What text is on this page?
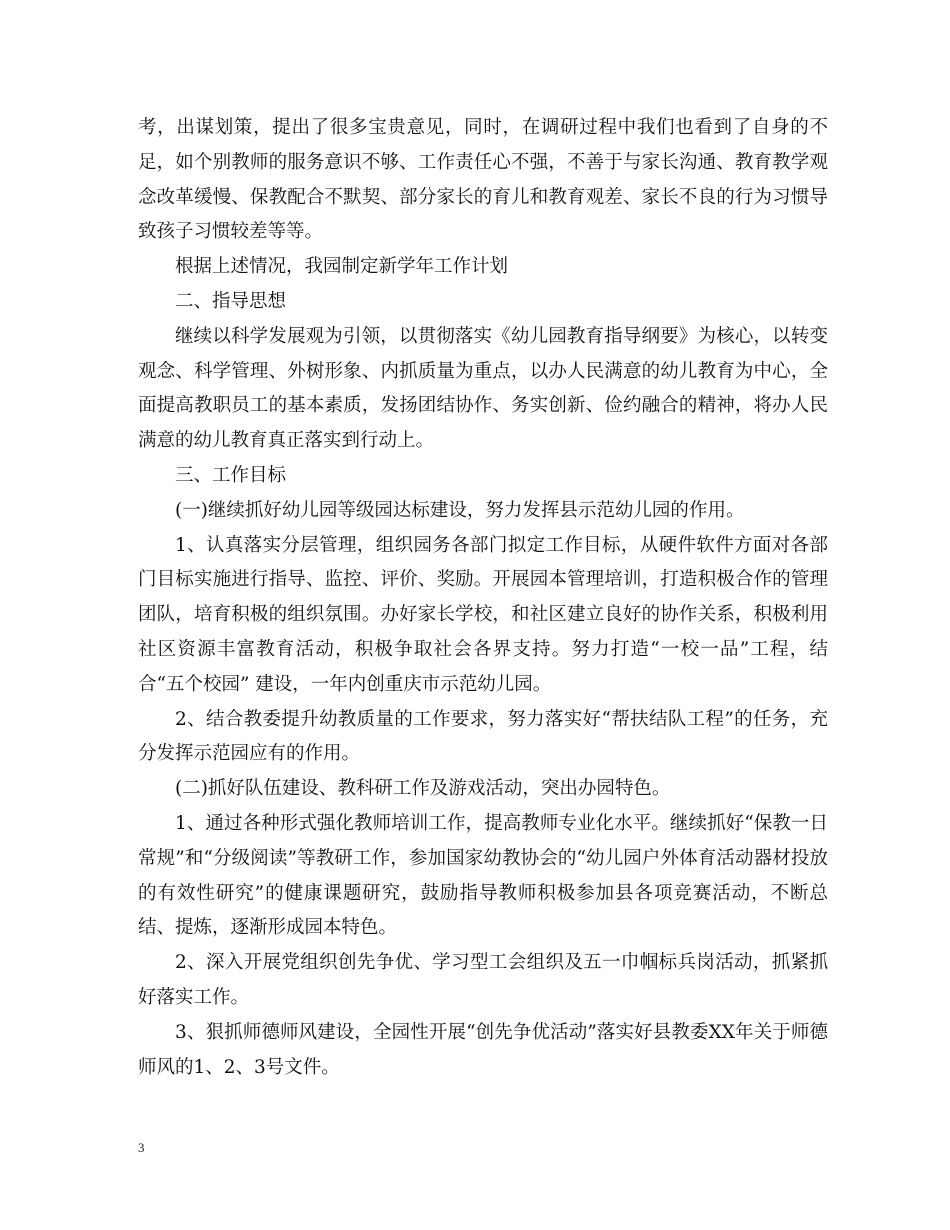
考，出谋划策，提出了很多宝贵意见，同时，在调研过程中我们也看到了自身的不足，如个别教师的服务意识不够、工作责任心不强，不善于与家长沟通、教育教学观念改革缓慢、保教配合不默契、部分家长的育儿和教育观差、家长不良的行为习惯导致孩子习惯较差等等。

根据上述情况，我园制定新学年工作计划

二、指导思想

继续以科学发展观为引领，以贯彻落实《幼儿园教育指导纲要》为核心，以转变观念、科学管理、外树形象、内抓质量为重点，以办人民满意的幼儿教育为中心，全面提高教职员工的基本素质，发扬团结协作、务实创新、俭约融合的精神，将办人民满意的幼儿教育真正落实到行动上。

三、工作目标

(一)继续抓好幼儿园等级园达标建设，努力发挥县示范幼儿园的作用。

1、认真落实分层管理，组织园务各部门拟定工作目标，从硬件软件方面对各部门目标实施进行指导、监控、评价、奖励。开展园本管理培训，打造积极合作的管理团队，培育积极的组织氛围。办好家长学校，和社区建立良好的协作关系，积极利用社区资源丰富教育活动，积极争取社会各界支持。努力打造“一校一品”工程，结合“五个校园” 建设，一年内创重庆市示范幼儿园。

2、结合教委提升幼教质量的工作要求，努力落实好“帮扶结队工程”的任务，充分发挥示范园应有的作用。

(二)抓好队伍建设、教科研工作及游戏活动，突出办园特色。

1、通过各种形式强化教师培训工作，提高教师专业化水平。继续抓好“保教一日常规”和“分级阅读”等教研工作，参加国家幼教协会的“幼儿园户外体育活动器材投放的有效性研究”的健康课题研究，鼓励指导教师积极参加县各项竞赛活动，不断总结、提炼，逐渐形成园本特色。

2、深入开展党组织创先争优、学习型工会组织及五一巾帼标兵岗活动，抓紧抓好落实工作。

3、狠抓师德师风建设，全园性开展“创先争优活动”落实好县教委XX年关于师德师风的1、2、3号文件。

3
